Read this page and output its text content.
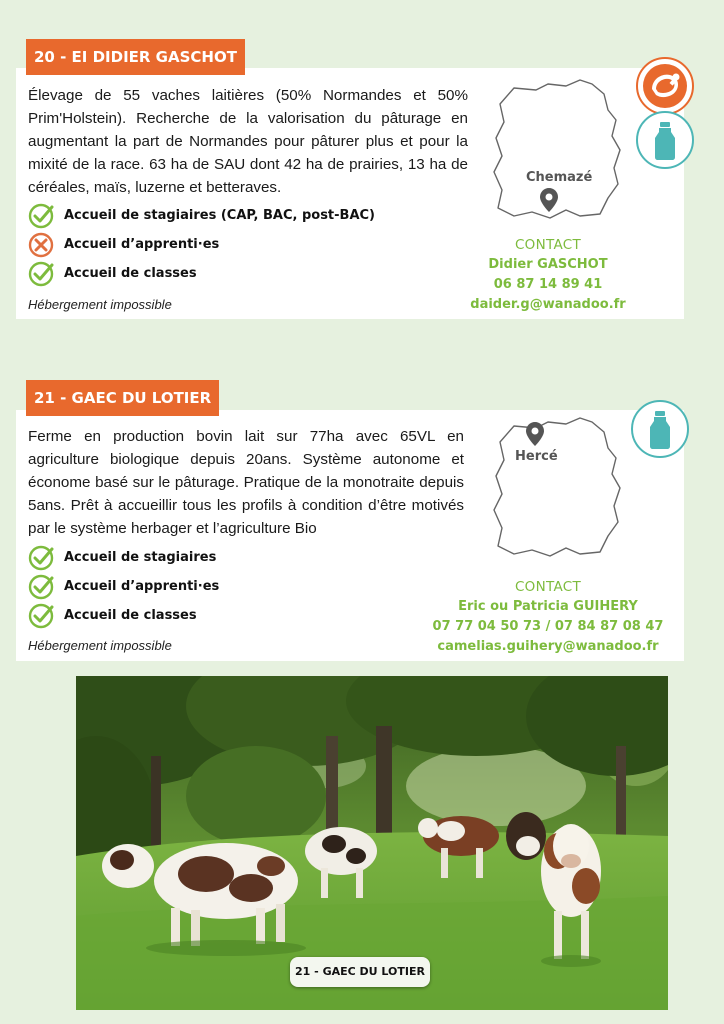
20 - EI DIDIER GASCHOT

Élevage de 55 vaches laitières (50% Normandes et 50% Prim'Holstein). Recherche de la valorisation du pâturage en augmentant la part de Normandes pour pâturer plus et pour la mixité de la race. 63 ha de SAU dont 42 ha de prairies, 13 ha de céréales, maïs, luzerne et betteraves.

Accueil de stagiaires (CAP, BAC, post-BAC)
Accueil d’apprenti·es
Accueil de classes
Hébergement impossible
Chemazé
CONTACT
Didier GASCHOT
06 87 14 89 41
daider.g@wanadoo.fr
21 - GAEC DU LOTIER

Ferme en production bovin lait sur 77ha avec 65VL en agriculture biologique depuis 20ans. Système autonome et économe basé sur le pâturage. Pratique de la monotraite depuis 5ans. Prêt à accueillir tous les profils à condition d’être motivés par le système herbager et l’agriculture Bio

Accueil de stagiaires
Accueil d’apprenti·es
Accueil de classes
Hébergement impossible
Hercé
CONTACT
Eric ou Patricia GUIHERY
07 77 04 50 73 / 07 84 87 08 47
camelias.guihery@wanadoo.fr
21 - GAEC DU LOTIER
